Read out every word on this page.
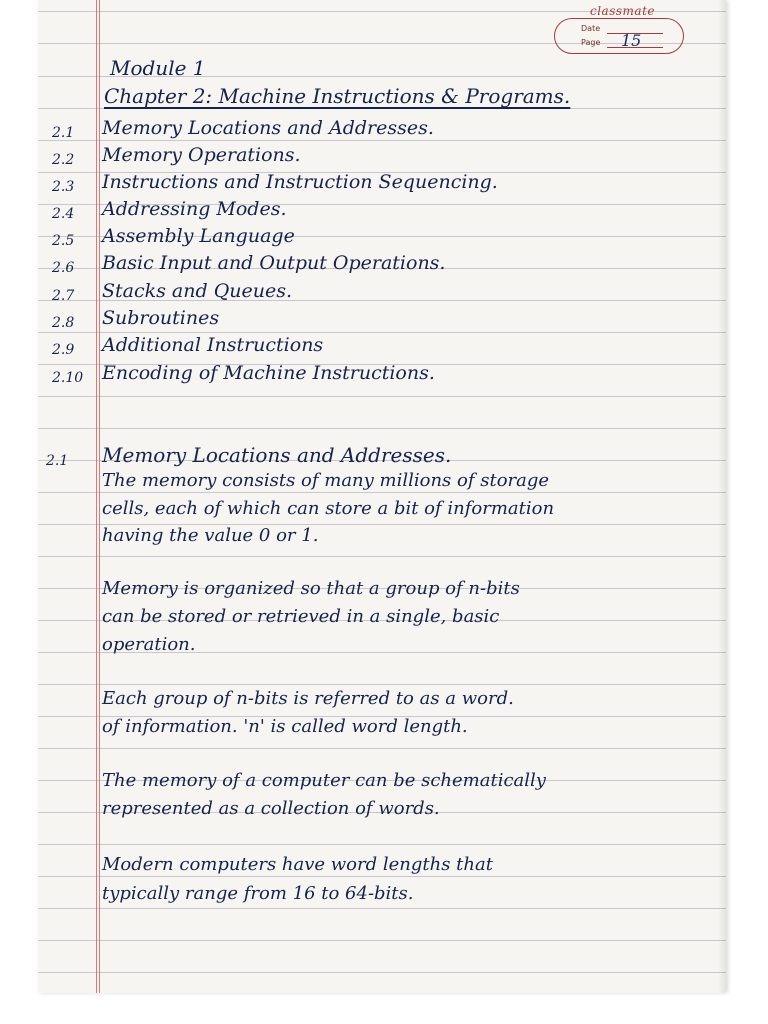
classmate
Date
Page 15
Module 1
Chapter 2: Machine Instructions & Programs.
2.1 Memory Locations and Addresses.
2.2 Memory Operations.
2.3 Instructions and Instruction Sequencing.
2.4 Addressing Modes.
2.5 Assembly Language
2.6 Basic Input and Output Operations.
2.7 Stacks and Queues.
2.8 Subroutines
2.9 Additional Instructions
2.10 Encoding of Machine Instructions.
2.1 Memory Locations and Addresses.
The memory consists of many millions of storage
cells, each of which can store a bit of information
having the value 0 or 1.
Memory is organized so that a group of n-bits
can be stored or retrieved in a single, basic
operation.
Each group of n-bits is referred to as a word.
of information. 'n' is called word length.
The memory of a computer can be schematically
represented as a collection of words.
Modern computers have word lengths that
typically range from 16 to 64-bits.
